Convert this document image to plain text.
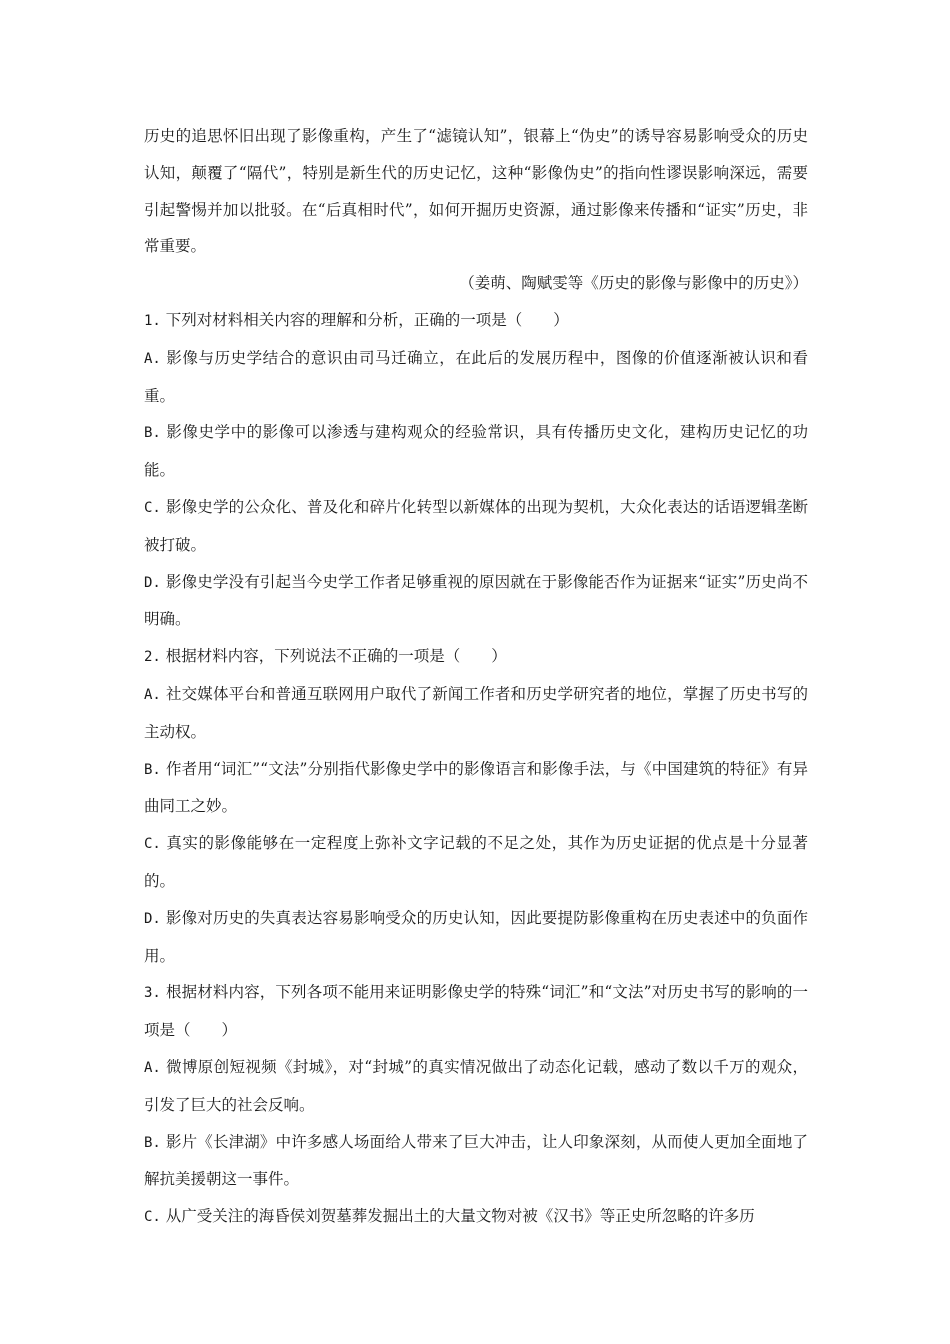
历史的追思怀旧出现了影像重构，产生了“滤镜认知”，银幕上“伪史”的诱导容易影响受众的历史认知，颠覆了“隔代”，特别是新生代的历史记忆，这种“影像伪史”的指向性谬误影响深远，需要引起警惕并加以批驳。在“后真相时代”，如何开掘历史资源，通过影像来传播和“证实”历史，非常重要。

（姜萌、陶赋雯等《历史的影像与影像中的历史》）

1. 下列对材料相关内容的理解和分析，正确的一项是（　　）

A. 影像与历史学结合的意识由司马迁确立，在此后的发展历程中，图像的价值逐渐被认识和看重。

B. 影像史学中的影像可以渗透与建构观众的经验常识，具有传播历史文化，建构历史记忆的功能。

C. 影像史学的公众化、普及化和碎片化转型以新媒体的出现为契机，大众化表达的话语逻辑垄断被打破。

D. 影像史学没有引起当今史学工作者足够重视的原因就在于影像能否作为证据来“证实”历史尚不明确。

2. 根据材料内容，下列说法不正确的一项是（　　）

A. 社交媒体平台和普通互联网用户取代了新闻工作者和历史学研究者的地位，掌握了历史书写的主动权。

B. 作者用“词汇”“文法”分别指代影像史学中的影像语言和影像手法，与《中国建筑的特征》有异曲同工之妙。

C. 真实的影像能够在一定程度上弥补文字记载的不足之处，其作为历史证据的优点是十分显著的。

D. 影像对历史的失真表达容易影响受众的历史认知，因此要提防影像重构在历史表述中的负面作用。

3. 根据材料内容，下列各项不能用来证明影像史学的特殊“词汇”和“文法”对历史书写的影响的一项是（　　）

A. 微博原创短视频《封城》，对“封城”的真实情况做出了动态化记载，感动了数以千万的观众，引发了巨大的社会反响。

B. 影片《长津湖》中许多感人场面给人带来了巨大冲击，让人印象深刻，从而使人更加全面地了解抗美援朝这一事件。

C. 从广受关注的海昏侯刘贺墓葬发掘出土的大量文物对被《汉书》等正史所忽略的许多历
